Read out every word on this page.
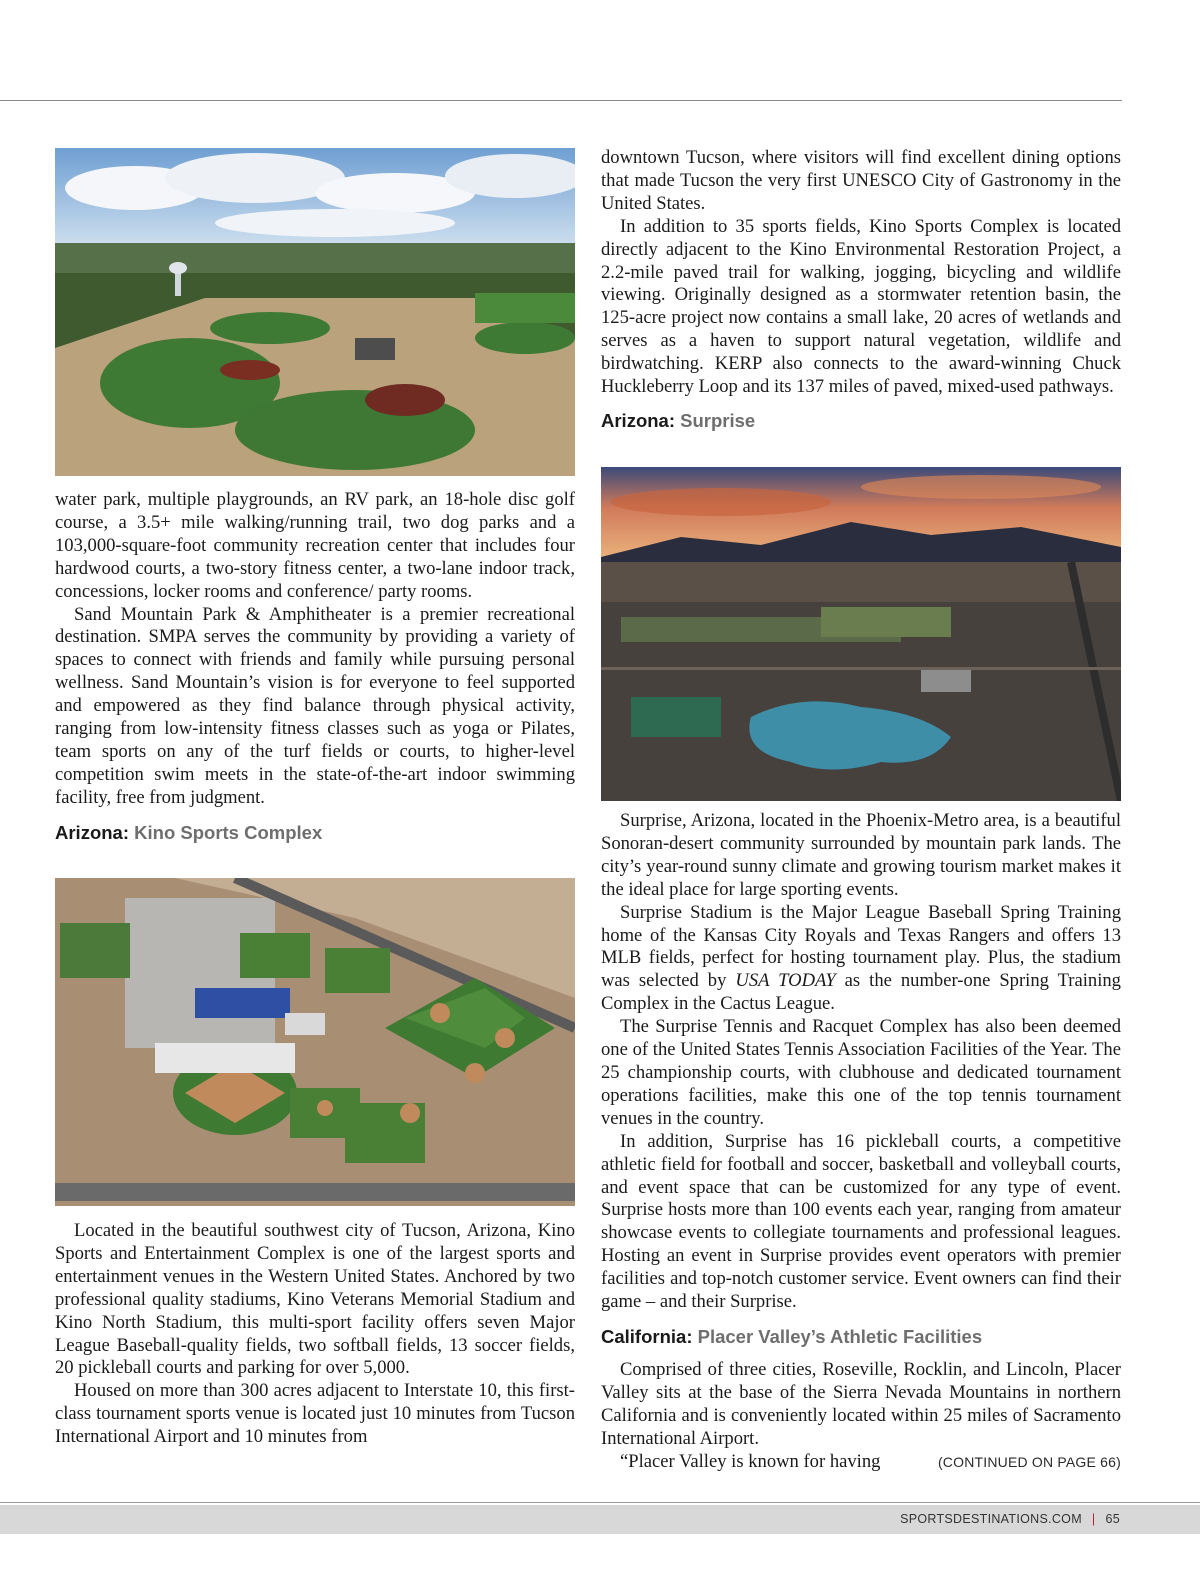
water park, multiple playgrounds, an RV park, an 18-hole disc golf course, a 3.5+ mile walking/running trail, two dog parks and a 103,000-square-foot community recreation center that includes four hardwood courts, a two-story fitness center, a two-lane indoor track, concessions, locker rooms and conference/ party rooms.

Sand Mountain Park & Amphitheater is a premier recreational destination. SMPA serves the community by providing a variety of spaces to connect with friends and family while pursuing personal wellness. Sand Mountain’s vision is for everyone to feel supported and empowered as they find balance through physical activity, ranging from low-intensity fitness classes such as yoga or Pilates, team sports on any of the turf fields or courts, to higher-level competition swim meets in the state-of-the-art indoor swimming facility, free from judgment.

Arizona: Kino Sports Complex

Located in the beautiful southwest city of Tucson, Arizona, Kino Sports and Entertainment Complex is one of the largest sports and entertainment venues in the Western United States. Anchored by two professional quality stadiums, Kino Veterans Memorial Stadium and Kino North Stadium, this multi-sport facility offers seven Major League Baseball-quality fields, two softball fields, 13 soccer fields, 20 pickleball courts and parking for over 5,000.

Housed on more than 300 acres adjacent to Interstate 10, this first-class tournament sports venue is located just 10 minutes from Tucson International Airport and 10 minutes from

downtown Tucson, where visitors will find excellent dining options that made Tucson the very first UNESCO City of Gastronomy in the United States.

In addition to 35 sports fields, Kino Sports Complex is located directly adjacent to the Kino Environmental Restoration Project, a 2.2-mile paved trail for walking, jogging, bicycling and wildlife viewing. Originally designed as a stormwater retention basin, the 125-acre project now contains a small lake, 20 acres of wetlands and serves as a haven to support natural vegetation, wildlife and birdwatching. KERP also connects to the award-winning Chuck Huckleberry Loop and its 137 miles of paved, mixed-used pathways.

Arizona: Surprise

Surprise, Arizona, located in the Phoenix-Metro area, is a beautiful Sonoran-desert community surrounded by mountain park lands. The city’s year-round sunny climate and growing tourism market makes it the ideal place for large sporting events.

Surprise Stadium is the Major League Baseball Spring Training home of the Kansas City Royals and Texas Rangers and offers 13 MLB fields, perfect for hosting tournament play. Plus, the stadium was selected by USA TODAY as the number-one Spring Training Complex in the Cactus League.

The Surprise Tennis and Racquet Complex has also been deemed one of the United States Tennis Association Facilities of the Year. The 25 championship courts, with clubhouse and dedicated tournament operations facilities, make this one of the top tennis tournament venues in the country.

In addition, Surprise has 16 pickleball courts, a competitive athletic field for football and soccer, basketball and volleyball courts, and event space that can be customized for any type of event. Surprise hosts more than 100 events each year, ranging from amateur showcase events to collegiate tournaments and professional leagues. Hosting an event in Surprise provides event operators with premier facilities and top-notch customer service. Event owners can find their game – and their Surprise.

California: Placer Valley’s Athletic Facilities

Comprised of three cities, Roseville, Rocklin, and Lincoln, Placer Valley sits at the base of the Sierra Nevada Mountains in northern California and is conveniently located within 25 miles of Sacramento International Airport.

“Placer Valley is known for having	(CONTINUED ON PAGE 66)

SPORTSDESTINATIONS.COM | 65
